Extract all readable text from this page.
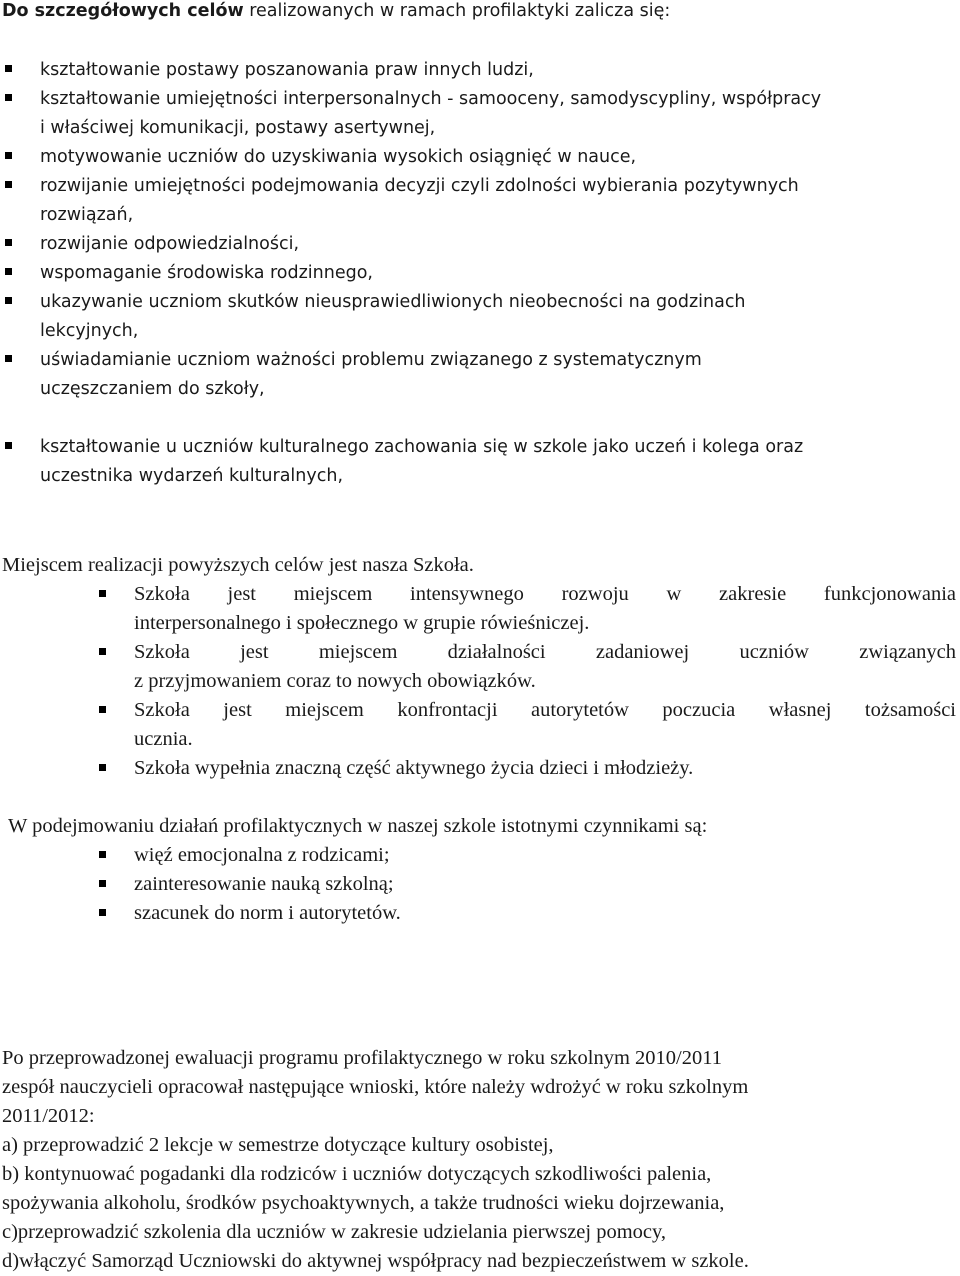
Do szczegółowych celów realizowanych w ramach profilaktyki zalicza się:

kształtowanie postawy poszanowania praw innych ludzi,
kształtowanie umiejętności interpersonalnych - samooceny, samodyscypliny, współpracy
i właściwej komunikacji, postawy asertywnej,
motywowanie uczniów do uzyskiwania wysokich osiągnięć w nauce,
rozwijanie umiejętności podejmowania decyzji czyli zdolności wybierania pozytywnych
rozwiązań,
rozwijanie odpowiedzialności,
wspomaganie środowiska rodzinnego,
ukazywanie uczniom skutków nieusprawiedliwionych nieobecności na godzinach
lekcyjnych,
uświadamianie uczniom ważności problemu związanego z systematycznym
uczęszczaniem do szkoły,
kształtowanie u uczniów kulturalnego zachowania się w szkole jako uczeń i kolega oraz
uczestnika wydarzeń kulturalnych,

Miejscem realizacji powyższych celów jest nasza Szkoła.

Szkoła jest miejscem intensywnego rozwoju w zakresie funkcjonowania
interpersonalnego i społecznego w grupie rówieśniczej.
Szkoła jest miejscem działalności zadaniowej uczniów związanych
z przyjmowaniem coraz to nowych obowiązków.
Szkoła jest miejscem konfrontacji autorytetów poczucia własnej tożsamości
ucznia.
Szkoła wypełnia znaczną część aktywnego życia dzieci i młodzieży.

W podejmowaniu działań profilaktycznych w naszej szkole istotnymi czynnikami są:

więź emocjonalna z rodzicami;
zainteresowanie nauką szkolną;
szacunek do norm i autorytetów.
Po przeprowadzonej ewaluacji programu profilaktycznego w roku szkolnym 2010/2011
zespół nauczycieli opracował następujące wnioski, które należy wdrożyć w roku szkolnym
2011/2012:
a) przeprowadzić 2 lekcje w semestrze dotyczące kultury osobistej,
b) kontynuować pogadanki dla rodziców i uczniów dotyczących szkodliwości palenia,
spożywania alkoholu, środków psychoaktywnych, a także trudności wieku dojrzewania,
c)przeprowadzić szkolenia dla uczniów w zakresie udzielania pierwszej pomocy,
d)włączyć Samorząd Uczniowski do aktywnej współpracy nad bezpieczeństwem w szkole.
